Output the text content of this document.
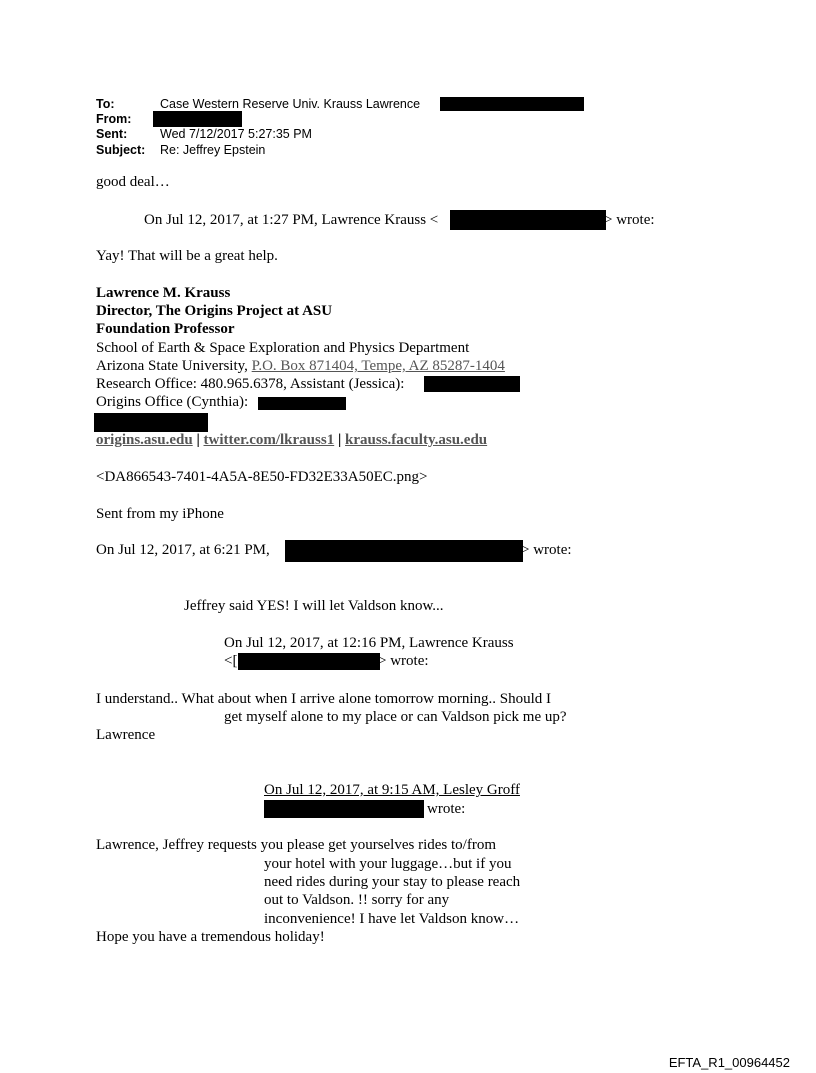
To:	Case Western Reserve Univ. Krauss Lawrence
From:
Sent:	Wed 7/12/2017 5:27:35 PM
Subject: Re: Jeffrey Epstein
good deal…
On Jul 12, 2017, at 1:27 PM, Lawrence Krauss <	> wrote:
Yay! That will be a great help.
Lawrence M. Krauss
Director, The Origins Project at ASU
Foundation Professor
School of Earth & Space Exploration and Physics Department
Arizona State University, P.O. Box 871404, Tempe, AZ 85287-1404
Research Office: 480.965.6378, Assistant (Jessica):
Origins Office (Cynthia):
origins.asu.edu | twitter.com/lkrauss1 | krauss.faculty.asu.edu
<DA866543-7401-4A5A-8E50-FD32E33A50EC.png>
Sent from my iPhone
On Jul 12, 2017, at 6:21 PM,	> wrote:
Jeffrey said YES! I will let Valdson know...
On Jul 12, 2017, at 12:16 PM, Lawrence Krauss
<[	> wrote:
I understand.. What about when I arrive alone tomorrow morning.. Should I
get myself alone to my place or can Valdson pick me up?
Lawrence
On Jul 12, 2017, at 9:15 AM, Lesley Groff
wrote:
Lawrence, Jeffrey requests you please get yourselves rides to/from
your hotel with your luggage…but if you
need rides during your stay to please reach
out to Valdson. !! sorry for any
inconvenience! I have let Valdson know…
Hope you have a tremendous holiday!
EFTA_R1_00964452
